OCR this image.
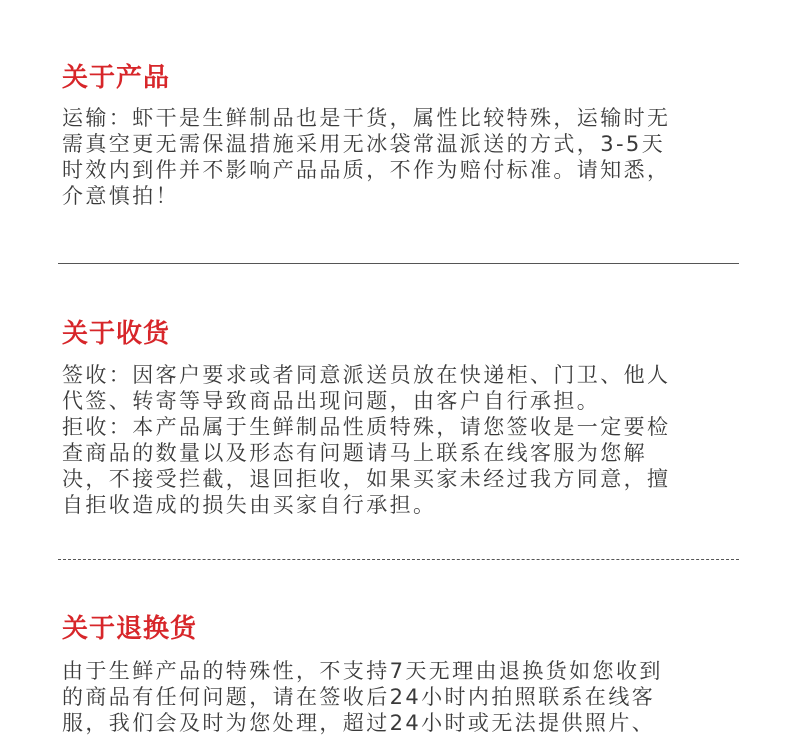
关于产品
运输：虾干是生鲜制品也是干货，属性比较特殊，运输时无
需真空更无需保温措施采用无冰袋常温派送的方式，3-5天
时效内到件并不影响产品品质，不作为赔付标准。请知悉，
介意慎拍！
关于收货
签收：因客户要求或者同意派送员放在快递柜、门卫、他人
代签、转寄等导致商品出现问题，由客户自行承担。
拒收：本产品属于生鲜制品性质特殊，请您签收是一定要检
查商品的数量以及形态有问题请马上联系在线客服为您解
决，不接受拦截，退回拒收，如果买家未经过我方同意，擅
自拒收造成的损失由买家自行承担。
关于退换货
由于生鲜产品的特殊性，不支持7天无理由退换货如您收到
的商品有任何问题，请在签收后24小时内拍照联系在线客
服，我们会及时为您处理，超过24小时或无法提供照片、
